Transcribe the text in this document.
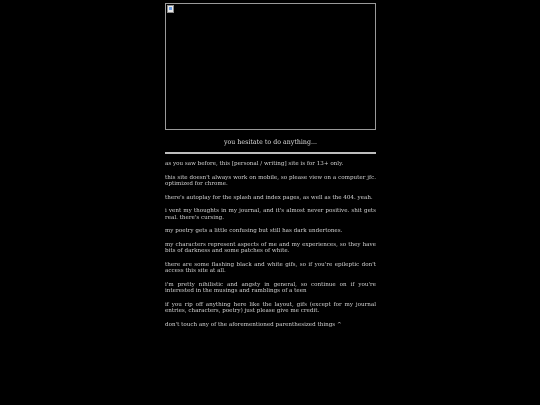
you hesitate to do anything...

as you saw before, this [personal / writing] site is for 13+ only.

this site doesn't always work on mobile, so please view on a computer jfc. optimized for chrome.

there's autoplay for the splash and index pages, as well as the 404. yeah.

i vent my thoughts in my journal, and it's almost never positive. shit gets real. there's cursing.

my poetry gets a little confusing but still has dark undertones.

my characters represent aspects of me and my experiences, so they have bits of darkness and some patches of white.

there are some flashing black and white gifs, so if you're epileptic don't access this site at all.

i'm pretty nihilistic and angsty in general, so continue on if you're interested in the musings and ramblings of a teen

if you rip off anything here like the layout, gifs (except for my journal entries, characters, poetry) just please give me credit.

don't touch any of the aforementioned parenthesized things ^
